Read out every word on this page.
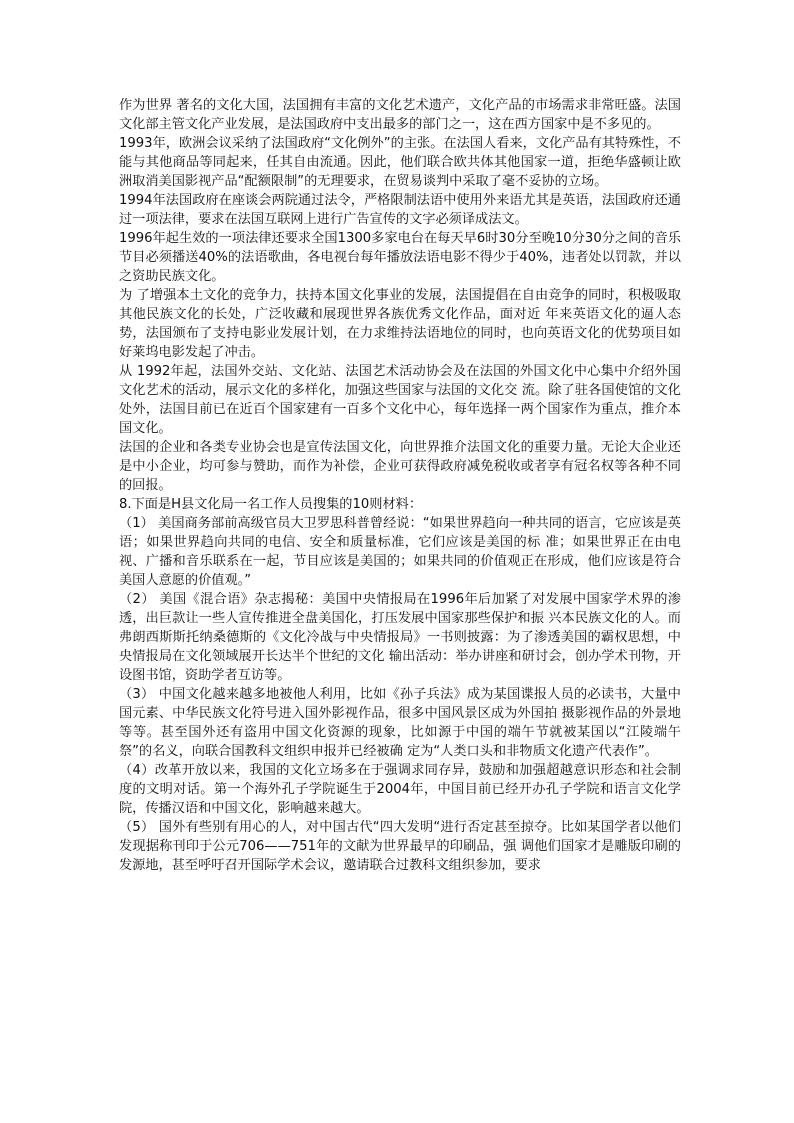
作为世界 著名的文化大国，法国拥有丰富的文化艺术遗产，文化产品的市场需求非常旺盛。法国文化部主管文化产业发展，是法国政府中支出最多的部门之一，这在西方国家中是不多见的。

1993年，欧洲会议采纳了法国政府“文化例外”的主张。在法国人看来，文化产品有其特殊性，不能与其他商品等同起来，任其自由流通。因此，他们联合欧共体其他国家一道，拒绝华盛顿让欧洲取消美国影视产品“配额限制”的无理要求，在贸易谈判中采取了毫不妥协的立场。

1994年法国政府在座谈会两院通过法令，严格限制法语中使用外来语尤其是英语，法国政府还通过一项法律，要求在法国互联网上进行广告宣传的文字必须译成法文。

1996年起生效的一项法律还要求全国1300多家电台在每天早6时30分至晚10分30分之间的音乐节目必须播送40%的法语歌曲，各电视台每年播放法语电影不得少于40%，违者处以罚款，并以之资助民族文化。

为 了增强本土文化的竞争力，扶持本国文化事业的发展，法国提倡在自由竞争的同时，积极吸取其他民族文化的长处，广泛收藏和展现世界各族优秀文化作品，面对近 年来英语文化的逼人态势，法国颁布了支持电影业发展计划，在力求维持法语地位的同时，也向英语文化的优势项目如好莱坞电影发起了冲击。

从 1992年起，法国外交站、文化站、法国艺术活动协会及在法国的外国文化中心集中介绍外国文化艺术的活动，展示文化的多样化，加强这些国家与法国的文化交 流。除了驻各国使馆的文化处外，法国目前已在近百个国家建有一百多个文化中心，每年选择一两个国家作为重点，推介本国文化。

法国的企业和各类专业协会也是宣传法国文化，向世界推介法国文化的重要力量。无论大企业还是中小企业，均可参与赞助，而作为补偿，企业可获得政府减免税收或者享有冠名权等各种不同的回报。

8.下面是H县文化局一名工作人员搜集的10则材料：

（1） 美国商务部前高级官员大卫罗思科普曾经说：“如果世界趋向一种共同的语言，它应该是英语；如果世界趋向共同的电信、安全和质量标准，它们应该是美国的标 准；如果世界正在由电视、广播和音乐联系在一起，节目应该是美国的；如果共同的价值观正在形成，他们应该是符合美国人意愿的价值观。”

（2） 美国《混合语》杂志揭秘：美国中央情报局在1996年后加紧了对发展中国家学术界的渗透，出巨款让一些人宣传推进全盘美国化，打压发展中国家那些保护和振 兴本民族文化的人。而弗朗西斯斯托纳桑德斯的《文化冷战与中央情报局》一书则披露：为了渗透美国的霸权思想，中央情报局在文化领域展开长达半个世纪的文化 输出活动：举办讲座和研讨会，创办学术刊物，开设图书馆，资助学者互访等。

（3） 中国文化越来越多地被他人利用，比如《孙子兵法》成为某国谍报人员的必读书，大量中国元素、中华民族文化符号进入国外影视作品，很多中国风景区成为外国拍 摄影视作品的外景地等等。甚至国外还有盗用中国文化资源的现象，比如源于中国的端午节就被某国以“江陵端午祭”的名义，向联合国教科文组织申报并已经被确 定为“人类口头和非物质文化遗产代表作”。

（4）改革开放以来，我国的文化立场多在于强调求同存异，鼓励和加强超越意识形态和社会制度的文明对话。第一个海外孔子学院诞生于2004年，中国目前已经开办孔子学院和语言文化学院，传播汉语和中国文化，影响越来越大。

（5） 国外有些别有用心的人，对中国古代“四大发明“进行否定甚至掠夺。比如某国学者以他们发现据称刊印于公元706——751年的文献为世界最早的印刷品，强 调他们国家才是雕版印刷的发源地，甚至呼吁召开国际学术会议，邀请联合过教科文组织参加，要求
